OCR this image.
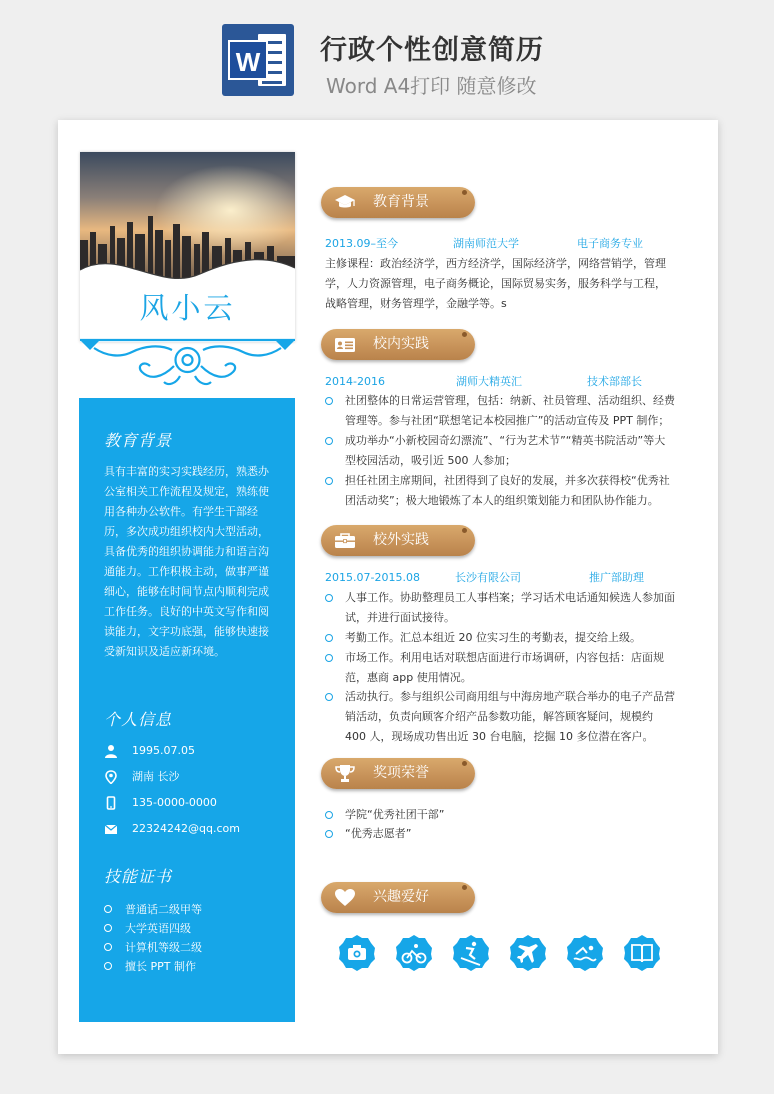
W 行政个性创意简历
Word A4打印 随意修改
风小云
教育背景
具有丰富的实习实践经历，熟悉办公室相关工作流程及规定，熟练使用各种办公软件。有学生干部经历，多次成功组织校内大型活动，具备优秀的组织协调能力和语言沟通能力。工作积极主动，做事严谨细心，能够在时间节点内顺利完成工作任务。良好的中英文写作和阅读能力，文字功底强，能够快速接受新知识及适应新环境。
个人信息
1995.07.05
湖南 长沙
135-0000-0000
22324242@qq.com
技能证书
普通话二级甲等
大学英语四级
计算机等级二级
擅长 PPT 制作
教育背景
2013.09–至今	湖南师范大学	电子商务专业
主修课程：政治经济学，西方经济学，国际经济学，网络营销学，管理学，人力资源管理，电子商务概论，国际贸易实务，服务科学与工程，战略管理，财务管理学，金融学等。s
校内实践
2014-2016	湖师大精英汇	技术部部长
社团整体的日常运营管理，包括：纳新、社员管理、活动组织、经费管理等。参与社团“联想笔记本校园推广”的活动宣传及 PPT 制作；
成功举办“小新校园奇幻漂流”、“行为艺术节”“精英书院活动”等大型校园活动，吸引近 500 人参加；
担任社团主席期间，社团得到了良好的发展，并多次获得校“优秀社团活动奖”；极大地锻炼了本人的组织策划能力和团队协作能力。
校外实践
2015.07-2015.08	长沙有限公司	推广部助理
人事工作。协助整理员工人事档案；学习话术电话通知候选人参加面试，并进行面试接待。
考勤工作。汇总本组近 20 位实习生的考勤表，提交给上级。
市场工作。利用电话对联想店面进行市场调研，内容包括：店面规范，惠商 app 使用情况。
活动执行。参与组织公司商用组与中海房地产联合举办的电子产品营销活动，负责向顾客介绍产品参数功能，解答顾客疑问，规模约 400 人，现场成功售出近 30 台电脑，挖掘 10 多位潜在客户。
奖项荣誉
学院“优秀社团干部”
“优秀志愿者”
兴趣爱好
